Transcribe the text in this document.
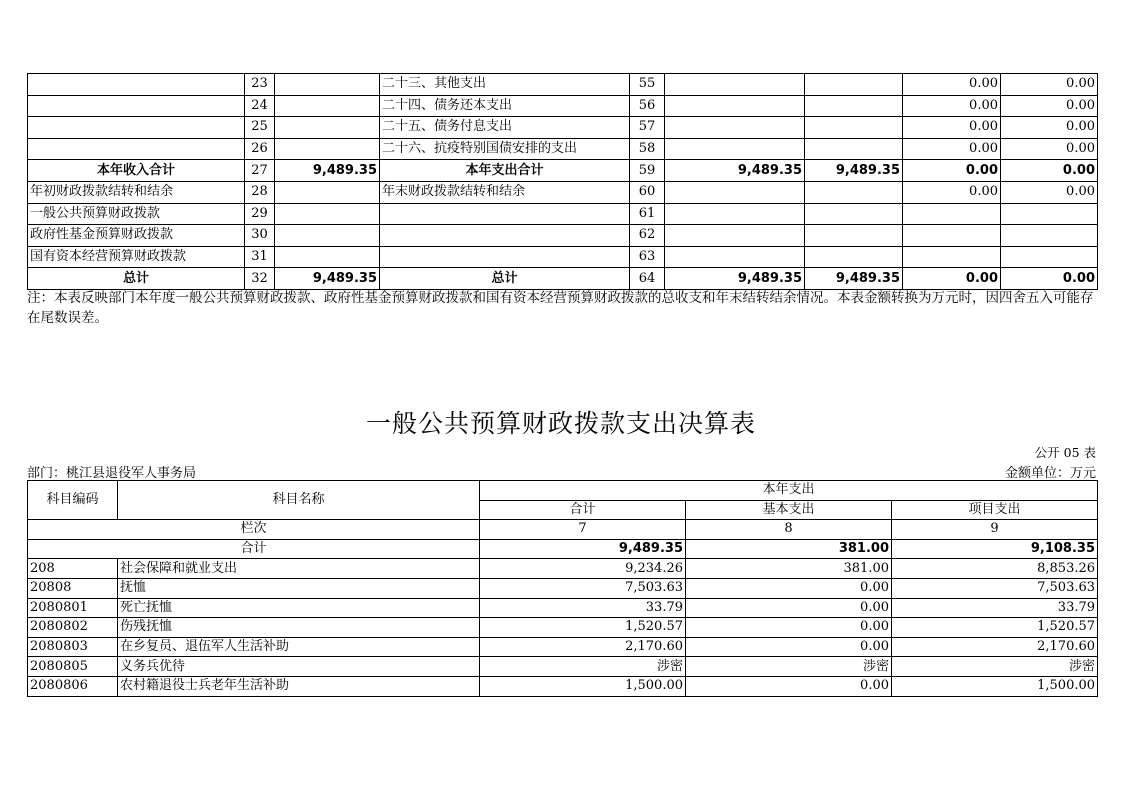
	23		二十三、其他支出	55			0.00	0.00
	24		二十四、债务还本支出	56			0.00	0.00
	25		二十五、债务付息支出	57			0.00	0.00
	26		二十六、抗疫特别国债安排的支出	58			0.00	0.00
本年收入合计	27	9,489.35	本年支出合计	59	9,489.35	9,489.35	0.00	0.00
年初财政拨款结转和结余	28		年末财政拨款结转和结余	60			0.00	0.00
一般公共预算财政拨款	29			61				
政府性基金预算财政拨款	30			62				
国有资本经营预算财政拨款	31			63				
总计	32	9,489.35	总计	64	9,489.35	9,489.35	0.00	0.00
注：本表反映部门本年度一般公共预算财政拨款、政府性基金预算财政拨款和国有资本经营预算财政拨款的总收支和年末结转结余情况。本表金额转换为万元时，因四舍五入可能存在尾数误差。
一般公共预算财政拨款支出决算表
公开 05 表
部门：桃江县退役军人事务局	金额单位：万元
科目编码	科目名称	本年支出		
		合计	基本支出	项目支出
栏次		7	8	9
合计		9,489.35	381.00	9,108.35
208	社会保障和就业支出	9,234.26	381.00	8,853.26
20808	抚恤	7,503.63	0.00	7,503.63
2080801	死亡抚恤	33.79	0.00	33.79
2080802	伤残抚恤	1,520.57	0.00	1,520.57
2080803	在乡复员、退伍军人生活补助	2,170.60	0.00	2,170.60
2080805	义务兵优待	涉密	涉密	涉密
2080806	农村籍退役士兵老年生活补助	1,500.00	0.00	1,500.00
